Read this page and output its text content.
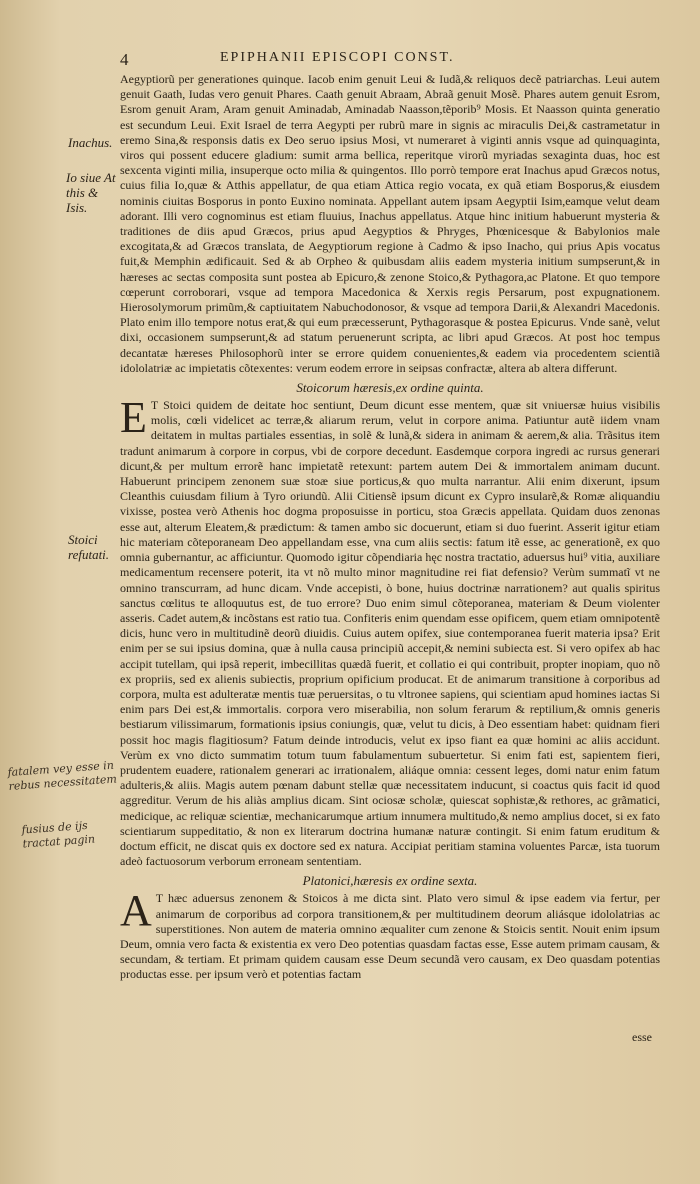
4	EPIPHANII EPISCOPI CONST.
Inachus.
Io siue At this & Isis.
Stoici refutati.
fatalem vey esse in rebus necessitatem
fusius de ijs tractat pagin

Aegyptiorũ per generationes quinque. Iacob enim genuit Leui & Iudã,& reliquos decẽ patriarchas. Leui autem genuit Gaath, Iudas vero genuit Phares. Caath genuit Abraam, Abraã genuit Mosẽ. Phares autem genuit Esrom, Esrom genuit Aram, Aram genuit Aminadab, Aminadab Naasson,tẽporib⁹ Mosis. Et Naasson quinta generatio est secundum Leui. Exit Israel de terra Aegypti per rubrũ mare in signis ac miraculis Dei,& castrametatur in eremo Sina,& responsis datis ex Deo seruo ipsius Mosi, vt numeraret à viginti annis vsque ad quinquaginta, viros qui possent educere gladium: sumit arma bellica, reperitque virorũ myriadas sexaginta duas, hoc est sexcenta viginti milia, insuperque octo milia & quingentos. Illo porrò tempore erat Inachus apud Græcos notus, cuius filia Io,quæ & Atthis appellatur, de qua etiam Attica regio vocata, ex quã etiam Bosporus,& eiusdem nominis ciuitas Bosporus in ponto Euxino nominata. Appellant autem ipsam Aegyptii Isim,eamque velut deam adorant. Illi vero cognominus est etiam fluuius, Inachus appellatus. Atque hinc initium habuerunt mysteria & traditiones de diis apud Græcos, prius apud Aegyptios & Phryges, Phœnicesque & Babylonios male excogitata,& ad Græcos translata, de Aegyptiorum regione à Cadmo & ipso Inacho, qui prius Apis vocatus fuit,& Memphin ædificauit. Sed & ab Orpheo & quibusdam aliis eadem mysteria initium sumpserunt,& in hæreses ac sectas composita sunt postea ab Epicuro,& zenone Stoico,& Pythagora,ac Platone. Et quo tempore cœperunt corroborari, vsque ad tempora Macedonica & Xerxis regis Persarum, post expugnationem. Hierosolymorum primũm,& captiuitatem Nabuchodonosor, & vsque ad tempora Darii,& Alexandri Macedonis. Plato enim illo tempore notus erat,& qui eum præcesserunt, Pythagorasque & postea Epicurus. Vnde sanè, velut dixi, occasionem sumpserunt,& ad statum peruenerunt scripta, ac libri apud Græcos. At post hoc tempus decantatæ hæreses Philosophorũ inter se errore quidem conuenientes,& eadem via procedentem scientiã idololatriæ ac impietatis cõtexentes: verum eodem errore in seipsas confractæ, altera ab altera differunt.

Stoicorum hæresis,ex ordine quinta.

E T Stoici quidem de deitate hoc sentiunt, Deum dicunt esse mentem, quæ sit vniuersæ huius visibilis molis, cœli videlicet ac terræ,& aliarum rerum, velut in corpore anima. Patiuntur autẽ iidem vnam deitatem in multas partiales essentias, in solẽ & lunã,& sidera in animam & aerem,& alia. Trãsitus item tradunt animarum à corpore in corpus, vbi de corpore decedunt. Easdemque corpora ingredi ac rursus generari dicunt,& per multum errorẽ hanc impietatẽ retexunt: partem autem Dei & immortalem animam ducunt. Habuerunt principem zenonem suæ stoæ siue porticus,& quo multa narrantur. Alii enim dixerunt, ipsum Cleanthis cuiusdam filium à Tyro oriundũ. Alii Citiensẽ ipsum dicunt ex Cypro insularẽ,& Romæ aliquandiu vixisse, postea verò Athenis hoc dogma proposuisse in porticu, stoa Græcis appellata. Quidam duos zenonas esse aut, alterum Eleatem,& prædictum: & tamen ambo sic docuerunt, etiam si duo fuerint. Asserit igitur etiam hic materiam cõteporaneam Deo appellandam esse, vna cum aliis sectis: fatum itẽ esse, ac generationẽ, ex quo omnia gubernantur, ac afficiuntur. Quomodo igitur cõpendiaria hęc nostra tractatio, aduersus hui⁹ vitia, auxiliare medicamentum recensere poterit, ita vt nõ multo minor magnitudine rei fiat defensio? Verùm summatĩ vt ne omnino transcurram, ad hunc dicam. Vnde accepisti, ò bone, huius doctrinæ narrationem? aut qualis spiritus sanctus cœlitus te alloquutus est, de tuo errore? Duo enim simul cõteporanea, materiam & Deum violenter asseris. Cadet autem,& incõstans est ratio tua. Confiteris enim quendam esse opificem, quem etiam omnipotentẽ dicis, hunc vero in multitudinẽ deorũ diuidis. Cuius autem opifex, siue contemporanea fuerit materia ipsa? Erit enim per se sui ipsius domina, quæ à nulla causa principiũ accepit,& nemini subiecta est. Si vero opifex ab hac accipit tutellam, qui ipsã reperit, imbecillitas quædã fuerit, et collatio ei qui contribuit, propter inopiam, quo nõ ex propriis, sed ex alienis subiectis, proprium opificium producat. Et de animarum transitione à corporibus ad corpora, multa est adulteratæ mentis tuæ peruersitas, o tu vltronee sapiens, qui scientiam apud homines iactas Si enim pars Dei est,& immortalis. corpora vero miserabilia, non solum ferarum & reptilium,& omnis generis bestiarum vilissimarum, formationis ipsius coniungis, quæ, velut tu dicis, à Deo essentiam habet: quidnam fieri possit hoc magis flagitiosum? Fatum deinde introducis, velut ex ipso fiant ea quæ homini ac aliis accidunt. Verùm ex vno dicto summatim totum tuum fabulamentum subuertetur. Si enim fati est, sapientem fieri, prudentem euadere, rationalem generari ac irrationalem, aliáque omnia: cessent leges, domi natur enim fatum adulteris,& aliis. Magis autem pœnam dabunt stellæ quæ necessitatem inducunt, si coactus quis facit id quod aggreditur. Verum de his aliàs amplius dicam. Sint ociosæ scholæ, quiescat sophistæ,& rethores, ac grãmatici, medicique, ac reliquæ scientiæ, mechanicarumque artium innumera multitudo,& nemo amplius docet, si ex fato scientiarum suppeditatio, & non ex literarum doctrina humanæ naturæ contingit. Si enim fatum eruditum & doctum efficit, ne discat quis ex doctore sed ex natura. Accipiat peritiam stamina voluentes Parcæ, ista tuorum adeò factuosorum verborum erroneam sententiam.

Platonici,hæresis ex ordine sexta.

A T hæc aduersus zenonem & Stoicos à me dicta sint. Plato vero simul & ipse eadem via fertur, per animarum de corporibus ad corpora transitionem,& per multitudinem deorum aliásque idololatrias ac superstitiones. Non autem de materia omnino æqualiter cum zenone & Stoicis sentit. Nouit enim ipsum Deum, omnia vero facta & existentia ex vero Deo potentias quasdam factas esse, Esse autem primam causam, & secundam, & tertiam. Et primam quidem causam esse Deum secundã vero causam, ex Deo quasdam potentias productas esse. per ipsum verò et potentias factam

esse
